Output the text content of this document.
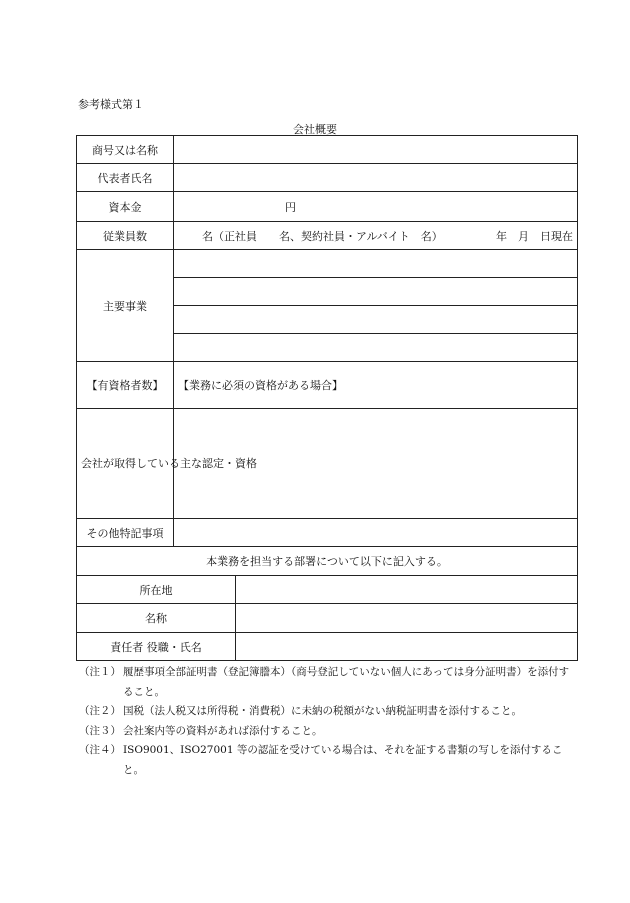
参考様式第１
会社概要
商号又は名称		
代表者氏名		
資本金	円	
従業員数	名（正社員　　名、契約社員・アルバイト　名） 年　月　日現在	

主要事業		

【有資格者数】	【業務に必須の資格がある場合】	
会社が取得している主な認定・資格		
その他特記事項		
本業務を担当する部署について以下に記入する。		
所在地		
名称		
責任者 役職・氏名		
（注１） 履歴事項全部証明書（登記簿謄本）（商号登記していない個人にあっては身分証明書）を添付すること。
（注２） 国税（法人税又は所得税・消費税）に未納の税額がない納税証明書を添付すること。
（注３） 会社案内等の資料があれば添付すること。
（注４） ISO9001、ISO27001 等の認証を受けている場合は、それを証する書類の写しを添付すること。
